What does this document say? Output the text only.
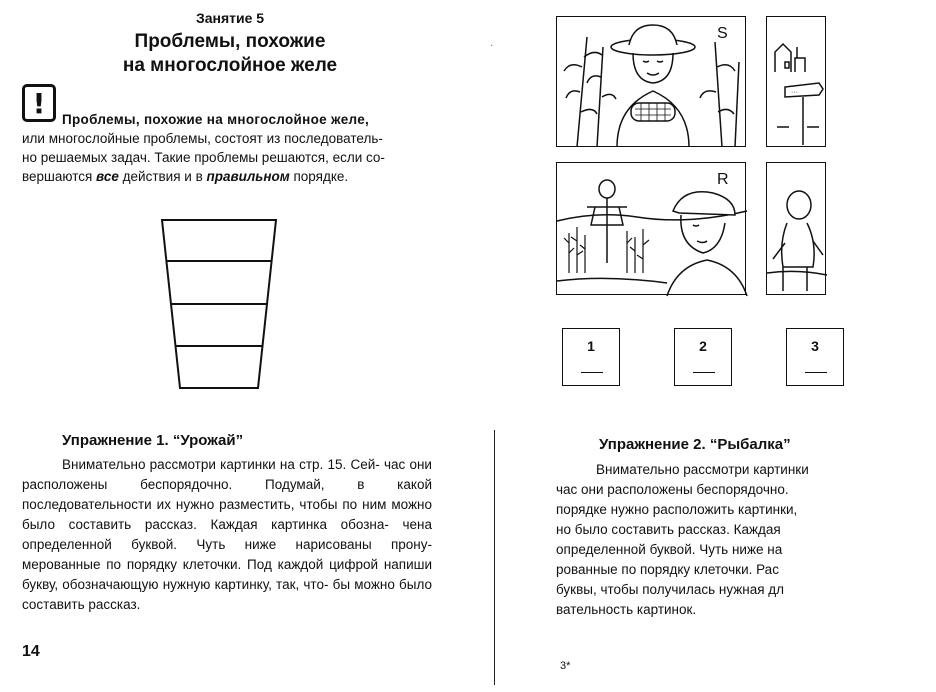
·
Занятие 5
Проблемы, похожие
на многослойное желе
!	Проблемы, похожие на многослойное желе,
или многослойные проблемы, состоят из последователь-
но решаемых задач. Такие проблемы решаются, если со-
вершаются все действия и в правильном порядке.
Упражнение 1. “Урожай”
Внимательно рассмотри картинки на стр. 15. Сей- час они расположены беспорядочно. Подумай, в какой последовательности их нужно разместить, чтобы по ним можно было составить рассказ. Каждая картинка обозна- чена определенной буквой. Чуть ниже нарисованы прону- мерованные по порядку клеточки. Под каждой цифрой напиши букву, обозначающую нужную картинку, так, что- бы можно было составить рассказ.
14
S
···
R
1	2	3
Упражнение 2. “Рыбалка”
Внимательно рассмотри картинки
час они расположены беспорядочно.
порядке нужно расположить картинки,
но было составить рассказ. Каждая
определенной буквой. Чуть ниже на
рованные по порядку клеточки. Рас
буквы, чтобы получилась нужная дл
вательность картинок.
3*
